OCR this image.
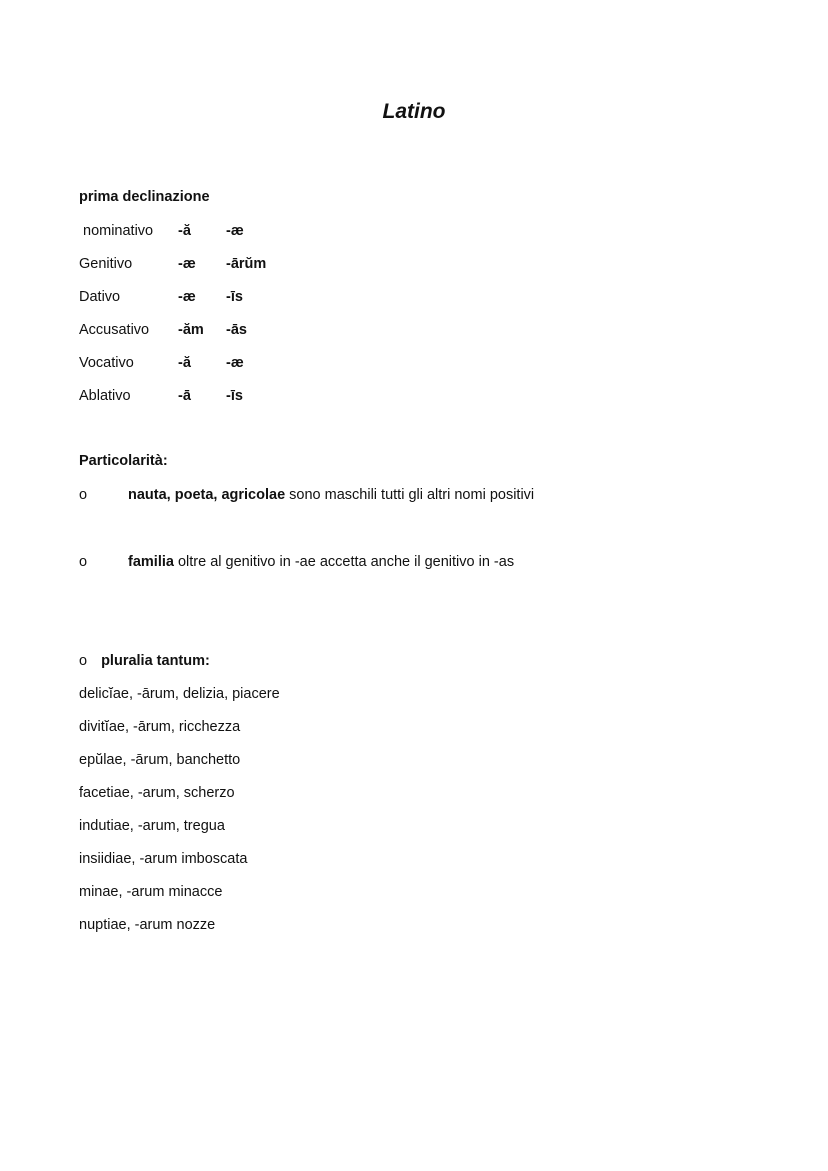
Latino
prima declinazione
nominativo -ă -æ
Genitivo	-æ -ārŭm
Dativo	-æ -īs
Accusativo -ăm -ās
Vocativo	-ă -æ
Ablativo	-ā -īs
Particolarità:
o	nauta, poeta, agricolae sono maschili tutti gli altri nomi positivi
o	familia oltre al genitivo in -ae accetta anche il genitivo in -as
o pluralia tantum:
delicĭae, -ārum, delizia, piacere
divitĭae, -ārum, ricchezza
epŭlae, -ārum, banchetto
facetiae, -arum, scherzo
indutiae, -arum, tregua
insiidiae, -arum imboscata
minae, -arum minacce
nuptiae, -arum nozze
